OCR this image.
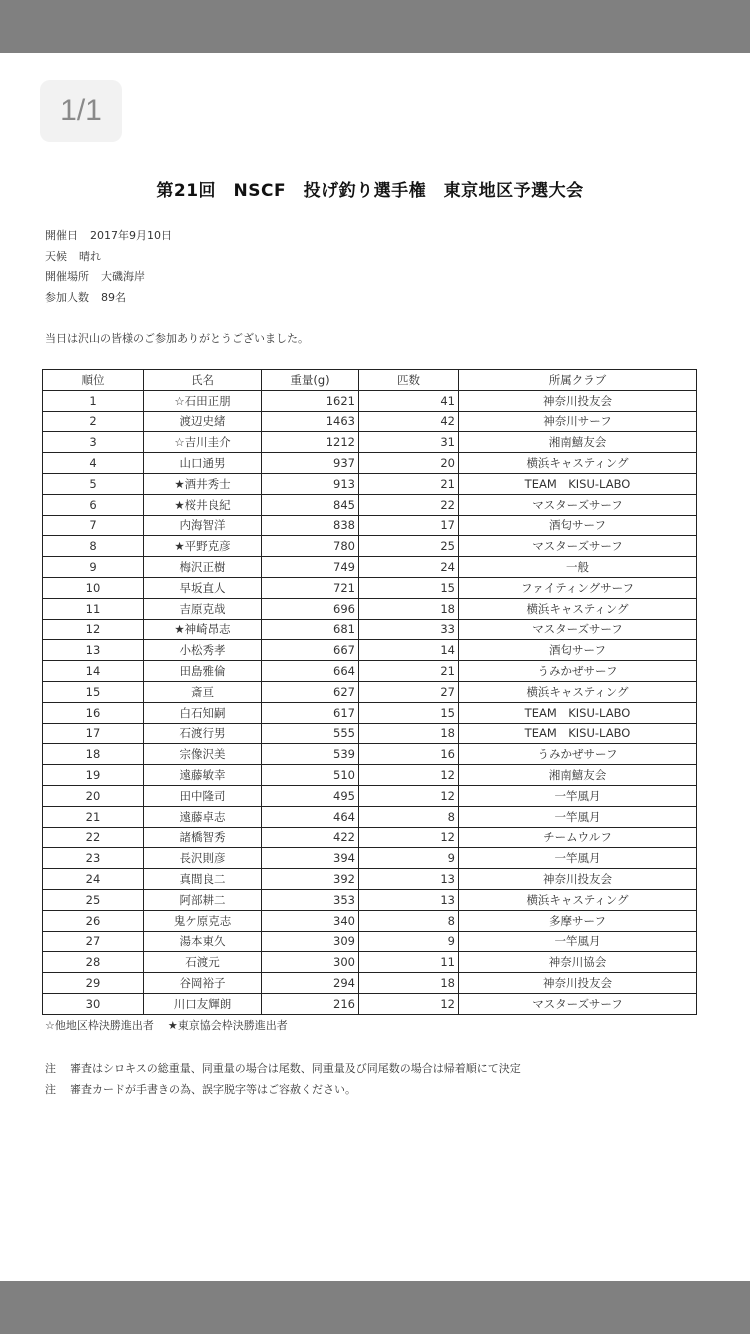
1/1
第21回　NSCF　投げ釣り選手権　東京地区予選大会
開催日 2017年9月10日
天候 晴れ
開催場所 大磯海岸
参加人数 89名
当日は沢山の皆様のご参加ありがとうございました。
順位	氏名	重量(g)	匹数	所属クラブ
1	☆石田正朋	1621	41	神奈川投友会
2	渡辺史緒	1463	42	神奈川サーフ
3	☆吉川圭介	1212	31	湘南鱚友会
4	山口通男	937	20	横浜キャスティング
5	★酒井秀士	913	21	TEAM　KISU-LABO
6	★桜井良紀	845	22	マスターズサーフ
7	内海智洋	838	17	酒匂サーフ
8	★平野克彦	780	25	マスターズサーフ
9	梅沢正樹	749	24	一般
10	早坂直人	721	15	ファイティングサーフ
11	吉原克哉	696	18	横浜キャスティング
12	★神崎昂志	681	33	マスターズサーフ
13	小松秀孝	667	14	酒匂サーフ
14	田島雅倫	664	21	うみかぜサーフ
15	斎亘	627	27	横浜キャスティング
16	白石知嗣	617	15	TEAM　KISU-LABO
17	石渡行男	555	18	TEAM　KISU-LABO
18	宗像沢美	539	16	うみかぜサーフ
19	遠藤敏幸	510	12	湘南鱚友会
20	田中隆司	495	12	一竿風月
21	遠藤卓志	464	8	一竿風月
22	諸橋智秀	422	12	チームウルフ
23	長沢則彦	394	9	一竿風月
24	真間良二	392	13	神奈川投友会
25	阿部耕二	353	13	横浜キャスティング
26	鬼ケ原克志	340	8	多摩サーフ
27	湯本東久	309	9	一竿風月
28	石渡元	300	11	神奈川協会
29	谷岡裕子	294	18	神奈川投友会
30	川口友輝朗	216	12	マスターズサーフ
☆他地区枠決勝進出者 ★東京協会枠決勝進出者
注 審査はシロキスの総重量、同重量の場合は尾数、同重量及び同尾数の場合は帰着順にて決定
注 審査カードが手書きの為、誤字脱字等はご容赦ください。
